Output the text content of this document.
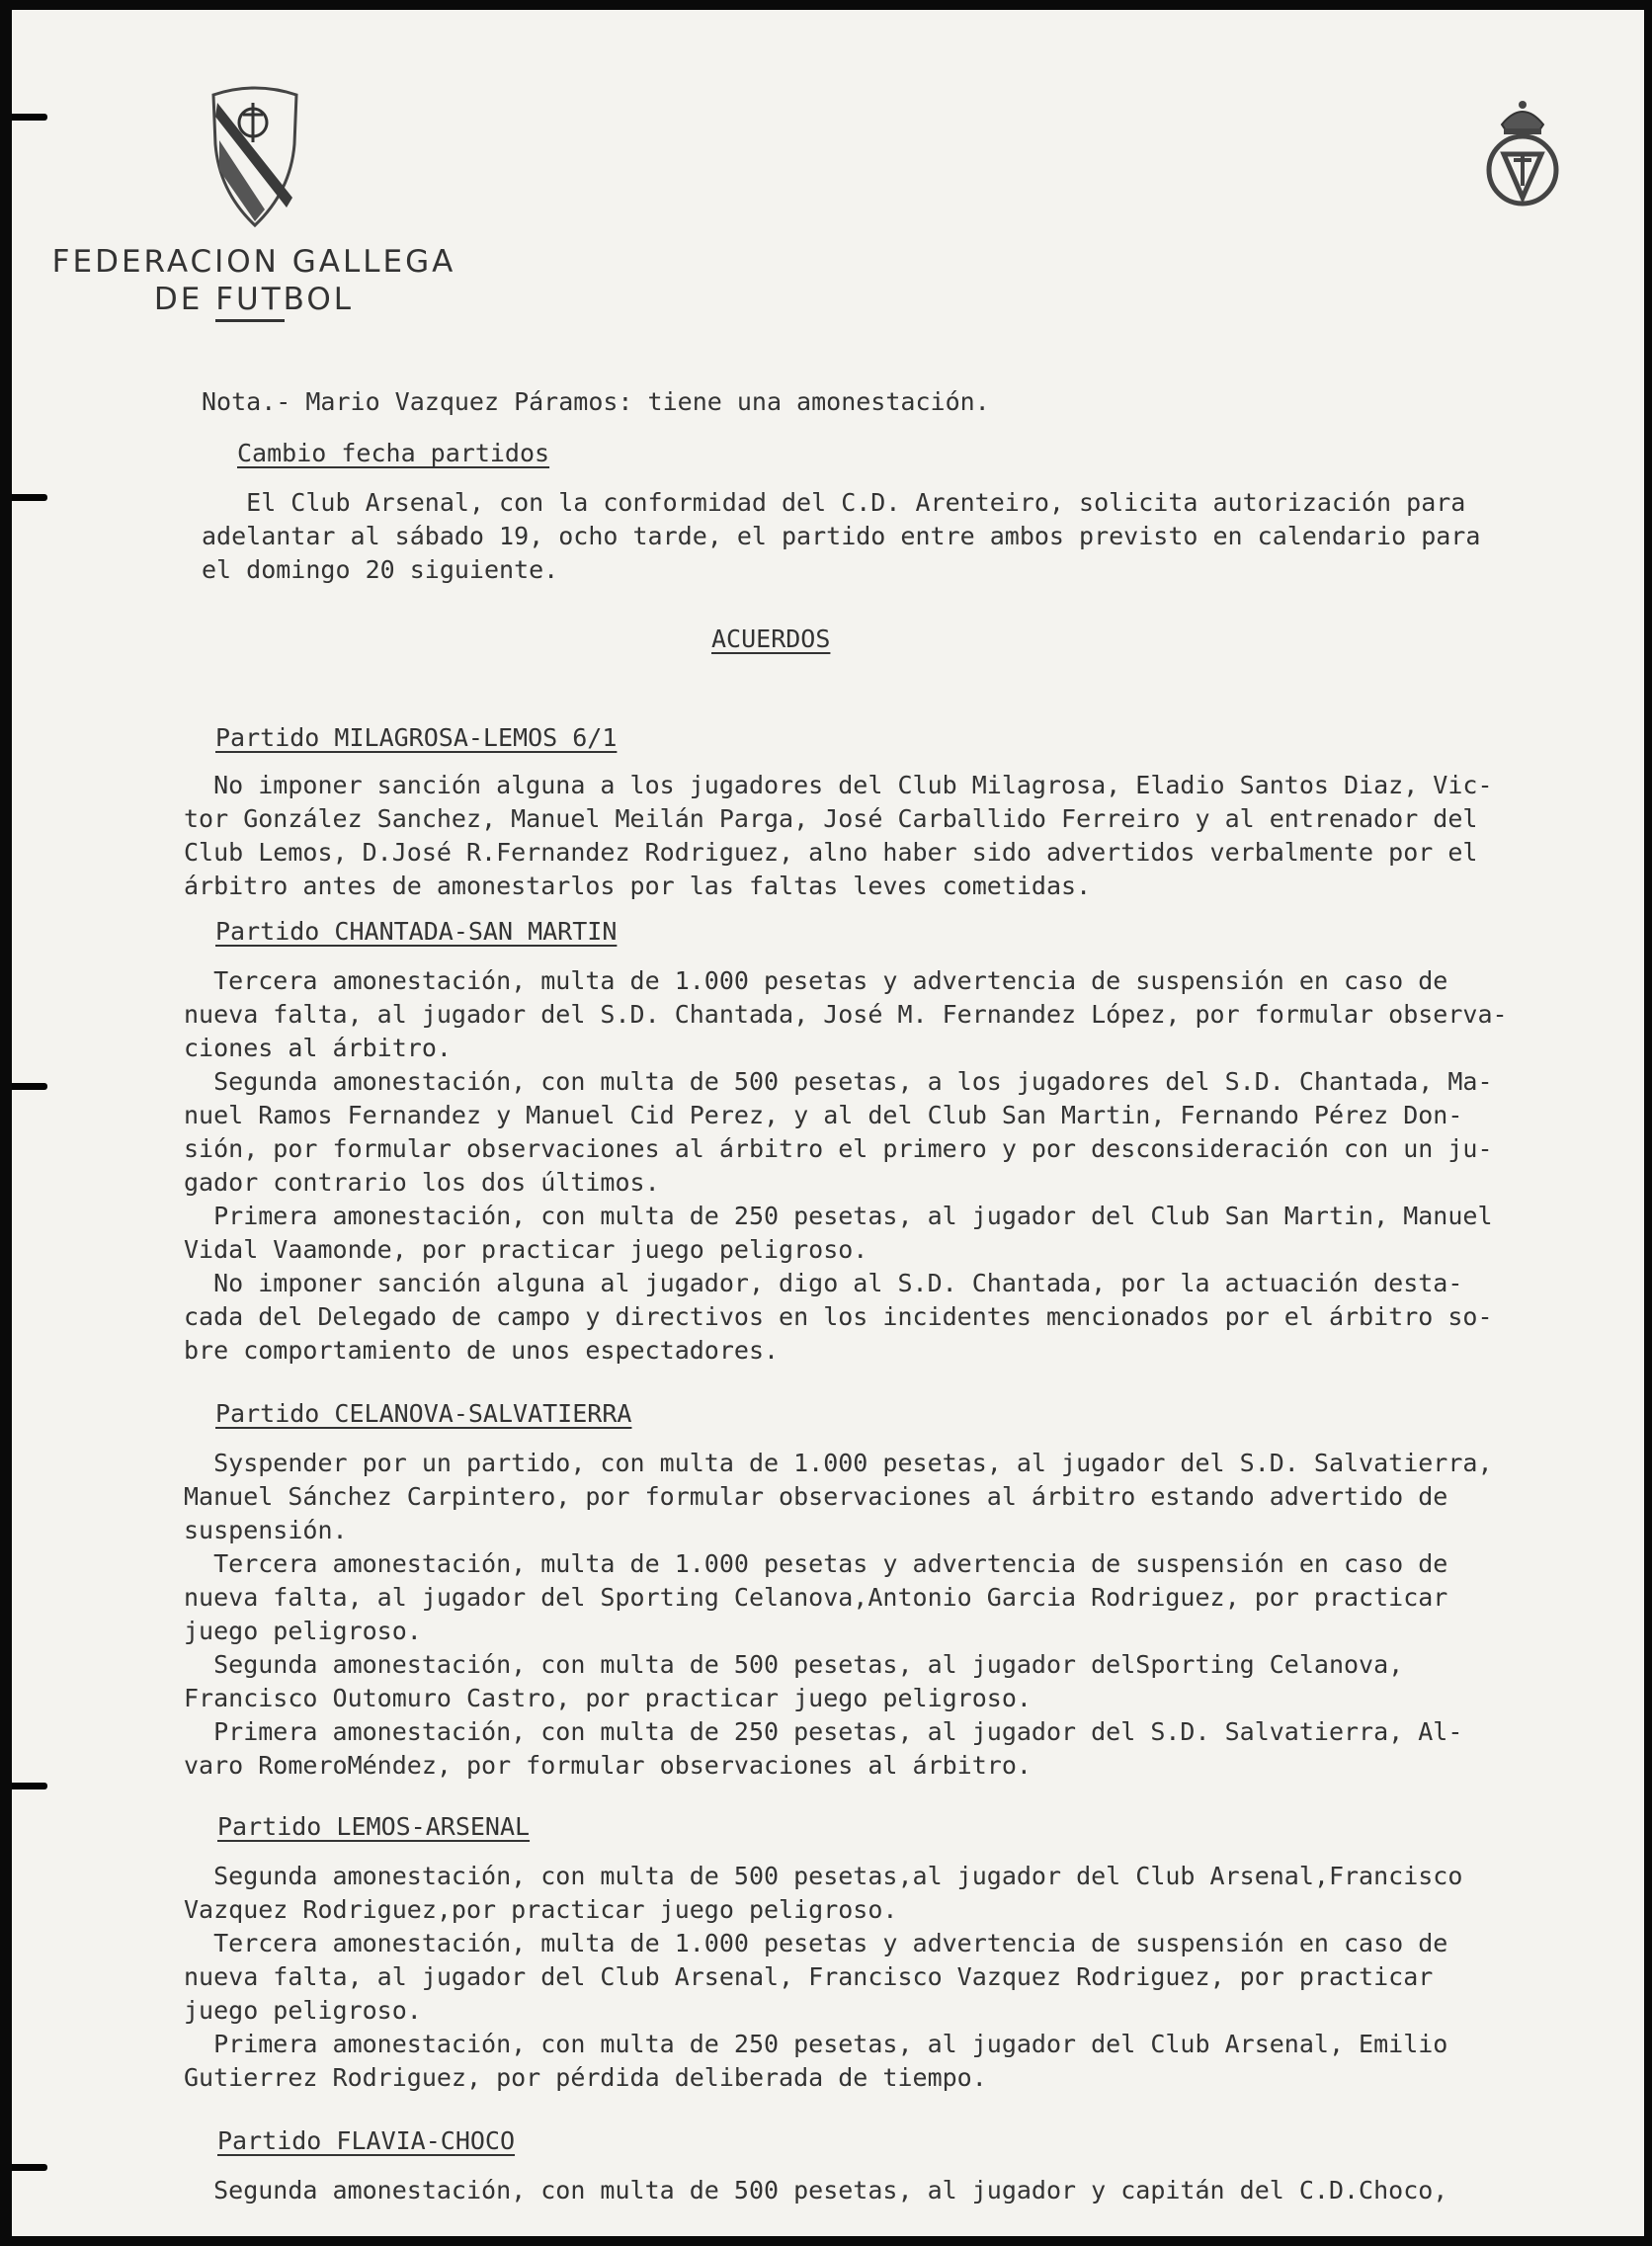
FEDERACION GALLEGA
DE FUTBOL

Nota.- Mario Vazquez Páramos: tiene una amonestación.

Cambio fecha partidos

El Club Arsenal, con la conformidad del C.D. Arenteiro, solicita autorización para
adelantar al sábado 19, ocho tarde, el partido entre ambos previsto en calendario para
el domingo 20 siguiente.

ACUERDOS

Partido MILAGROSA-LEMOS 6/1

No imponer sanción alguna a los jugadores del Club Milagrosa, Eladio Santos Diaz, Vic-
tor González Sanchez, Manuel Meilán Parga, José Carballido Ferreiro y al entrenador del
Club Lemos, D.José R.Fernandez Rodriguez, alno haber sido advertidos verbalmente por el
árbitro antes de amonestarlos por las faltas leves cometidas.

Partido CHANTADA-SAN MARTIN

Tercera amonestación, multa de 1.000 pesetas y advertencia de suspensión en caso de
nueva falta, al jugador del S.D. Chantada, José M. Fernandez López, por formular observa-
ciones al árbitro.
Segunda amonestación, con multa de 500 pesetas, a los jugadores del S.D. Chantada, Ma-
nuel Ramos Fernandez y Manuel Cid Perez, y al del Club San Martin, Fernando Pérez Don-
sión, por formular observaciones al árbitro el primero y por desconsideración con un ju-
gador contrario los dos últimos.
Primera amonestación, con multa de 250 pesetas, al jugador del Club San Martin, Manuel
Vidal Vaamonde, por practicar juego peligroso.
No imponer sanción alguna al jugador, digo al S.D. Chantada, por la actuación desta-
cada del Delegado de campo y directivos en los incidentes mencionados por el árbitro so-
bre comportamiento de unos espectadores.

Partido CELANOVA-SALVATIERRA

Syspender por un partido, con multa de 1.000 pesetas, al jugador del S.D. Salvatierra,
Manuel Sánchez Carpintero, por formular observaciones al árbitro estando advertido de
suspensión.
Tercera amonestación, multa de 1.000 pesetas y advertencia de suspensión en caso de
nueva falta, al jugador del Sporting Celanova,Antonio Garcia Rodriguez, por practicar
juego peligroso.
Segunda amonestación, con multa de 500 pesetas, al jugador delSporting Celanova,
Francisco Outomuro Castro, por practicar juego peligroso.
Primera amonestación, con multa de 250 pesetas, al jugador del S.D. Salvatierra, Al-
varo RomeroMéndez, por formular observaciones al árbitro.

Partido LEMOS-ARSENAL

Segunda amonestación, con multa de 500 pesetas,al jugador del Club Arsenal,Francisco
Vazquez Rodriguez,por practicar juego peligroso.
Tercera amonestación, multa de 1.000 pesetas y advertencia de suspensión en caso de
nueva falta, al jugador del Club Arsenal, Francisco Vazquez Rodriguez, por practicar
juego peligroso.
Primera amonestación, con multa de 250 pesetas, al jugador del Club Arsenal, Emilio
Gutierrez Rodriguez, por pérdida deliberada de tiempo.

Partido FLAVIA-CHOCO

Segunda amonestación, con multa de 500 pesetas, al jugador y capitán del C.D.Choco,
